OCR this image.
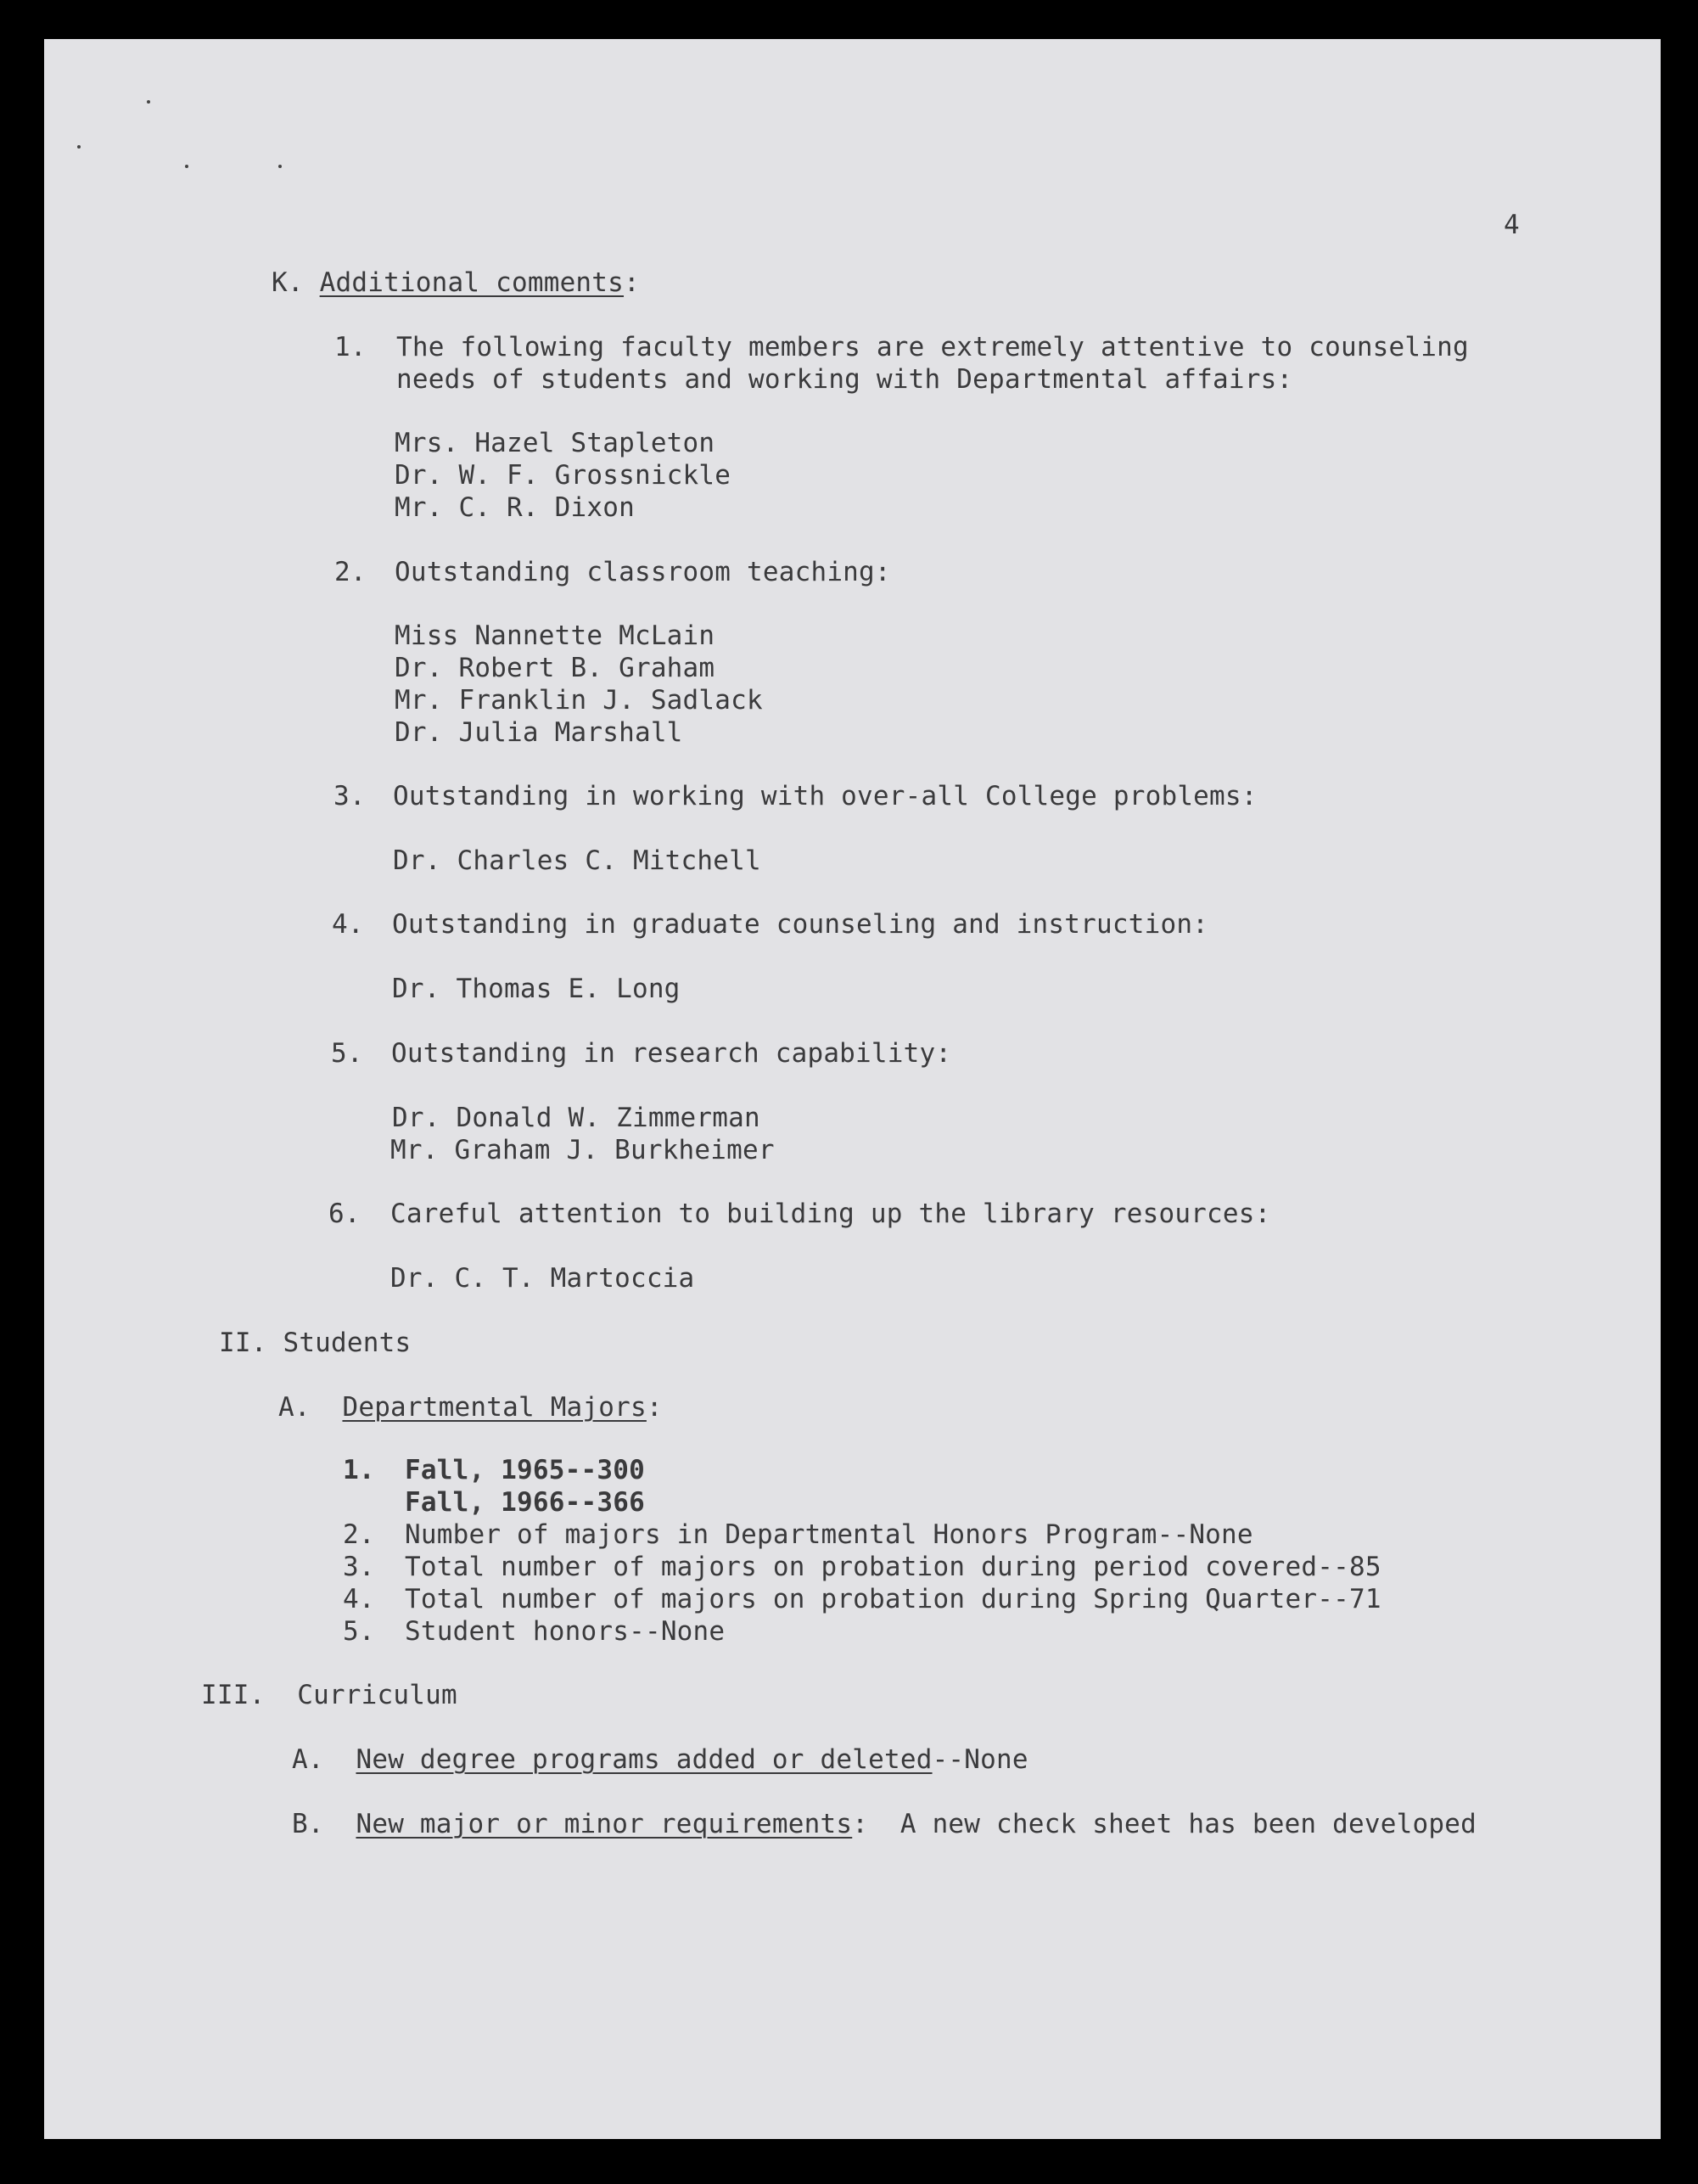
4
K. Additional comments:
1. The following faculty members are extremely attentive to counseling
needs of students and working with Departmental affairs:
Mrs. Hazel Stapleton
Dr. W. F. Grossnickle
Mr. C. R. Dixon
2. Outstanding classroom teaching:
Miss Nannette McLain
Dr. Robert B. Graham
Mr. Franklin J. Sadlack
Dr. Julia Marshall
3. Outstanding in working with over-all College problems:
Dr. Charles C. Mitchell
4. Outstanding in graduate counseling and instruction:
Dr. Thomas E. Long
5. Outstanding in research capability:
Dr. Donald W. Zimmerman
Mr. Graham J. Burkheimer
6. Careful attention to building up the library resources:
Dr. C. T. Martoccia
II. Students
A. Departmental Majors:
1. Fall, 1965--300
Fall, 1966--366
2. Number of majors in Departmental Honors Program--None
3. Total number of majors on probation during period covered--85
4. Total number of majors on probation during Spring Quarter--71
5. Student honors--None
III. Curriculum
A. New degree programs added or deleted--None
B. New major or minor requirements:  A new check sheet has been developed
